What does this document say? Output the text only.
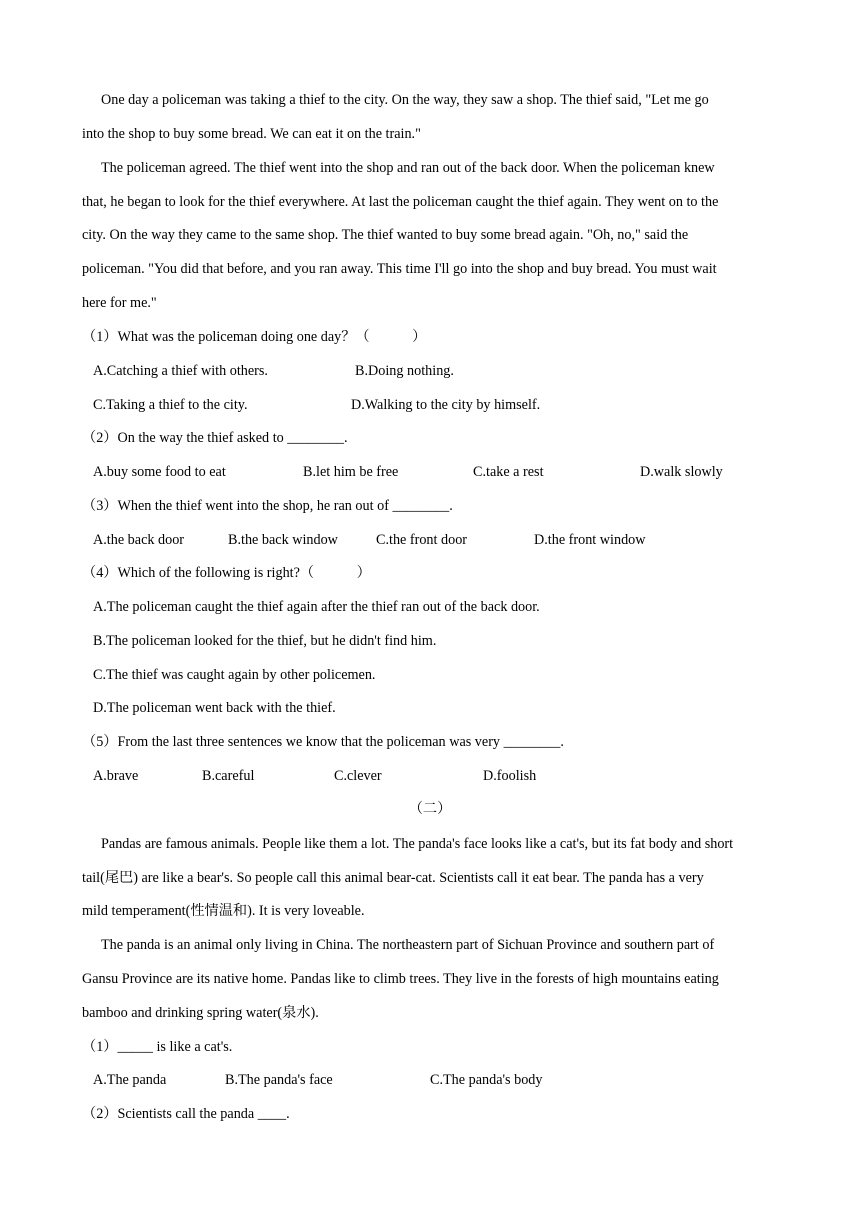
One day a policeman was taking a thief to the city. On the way, they saw a shop. The thief said, "Let me go
into the shop to buy some bread. We can eat it on the train."
The policeman agreed. The thief went into the shop and ran out of the back door. When the policeman knew
that, he began to look for the thief everywhere. At last the policeman caught the thief again. They went on to the
city. On the way they came to the same shop. The thief wanted to buy some bread again. "Oh, no," said the
policeman. "You did that before, and you ran away. This time I'll go into the shop and buy bread. You must wait
here for me."
（1）What was the policeman doing one day？（　　　）
A.Catching a thief with others.	B.Doing nothing.
C.Taking a thief to the city.	D.Walking to the city by himself.
（2）On the way the thief asked to ________.
A.buy some food to eat	B.let him be free	C.take a rest	D.walk slowly
（3）When the thief went into the shop, he ran out of ________.
A.the back door	B.the back window	C.the front door	D.the front window
（4）Which of the following is right?（　　　）
A.The policeman caught the thief again after the thief ran out of the back door.
B.The policeman looked for the thief, but he didn't find him.
C.The thief was caught again by other policemen.
D.The policeman went back with the thief.
（5）From the last three sentences we know that the policeman was very ________.
A.brave	B.careful	C.clever	D.foolish
（二）
Pandas are famous animals. People like them a lot. The panda's face looks like a cat's, but its fat body and short
tail(尾巴) are like a bear's. So people call this animal bear-cat. Scientists call it eat bear. The panda has a very
mild temperament(性情温和). It is very loveable.
The panda is an animal only living in China. The northeastern part of Sichuan Province and southern part of
Gansu Province are its native home. Pandas like to climb trees. They live in the forests of high mountains eating
bamboo and drinking spring water(泉水).
（1）_____ is like a cat's.
A.The panda	B.The panda's face	C.The panda's body
（2）Scientists call the panda ____.
